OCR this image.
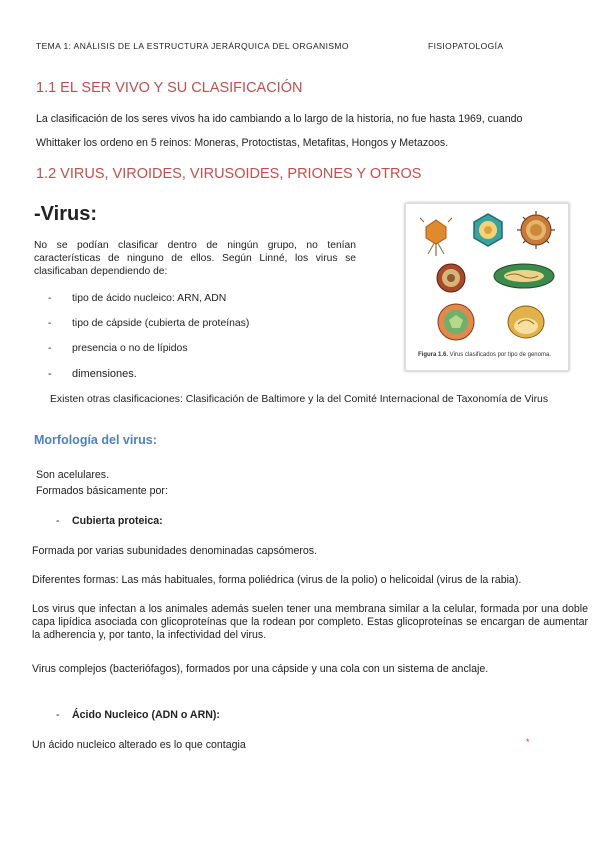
TEMA 1: ANÁLISIS DE LA ESTRUCTURA JERÁRQUICA DEL ORGANISMO	FISIOPATOLOGÍA
1.1 EL SER VIVO Y SU CLASIFICACIÓN
La clasificación de los seres vivos ha ido cambiando a lo largo de la historia, no fue hasta 1969, cuando
Whittaker los ordeno en 5 reinos: Moneras, Protoctistas, Metafitas, Hongos y Metazoos.
1.2 VIRUS, VIROIDES, VIRUSOIDES, PRIONES Y OTROS
-Virus:
No se podían clasificar dentro de ningún grupo, no tenían características de ninguno de ellos. Según Linné, los virus se clasificaban dependiendo de:
- tipo de ácido nucleico: ARN, ADN
- tipo de cápside (cubierta de proteínas)
- presencia o no de lípidos
- dimensiones.
Existen otras clasificaciones: Clasificación de Baltimore y la del Comité Internacional de Taxonomía de Virus
Figura 1.6. Virus clasificados por tipo de genoma.
Morfología del virus:
Son acelulares.
Formados básicamente por:
- Cubierta proteica:
Formada por varias subunidades denominadas capsómeros.
Diferentes formas: Las más habituales, forma poliédrica (virus de la polio) o helicoidal (virus de la rabia).
Los virus que infectan a los animales además suelen tener una membrana similar a la celular, formada por una doble capa lipídica asociada con glicoproteínas que la rodean por completo. Estas glicoproteínas se encargan de aumentar la adherencia y, por tanto, la infectividad del virus.
Virus complejos (bacteriófagos), formados por una cápside y una cola con un sistema de anclaje.
- Ácido Nucleico (ADN o ARN):
Un ácido nucleico alterado es lo que contagia	*
